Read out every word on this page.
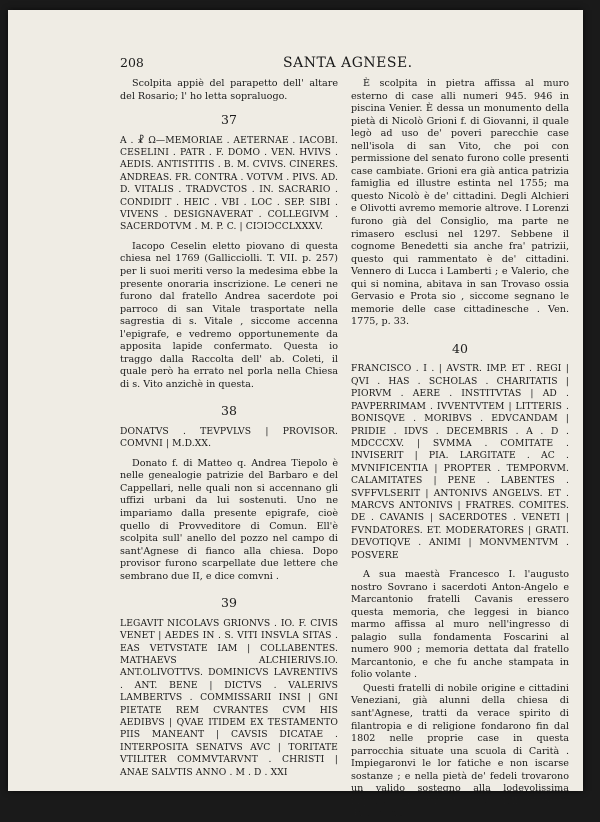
208	SANTA AGNESE.

Scolpita appiè del parapetto dell' altare del Rosario; l' ho letta sopraluogo.

37

A . ☧ Ω—MEMORIAE . AETERNAE . IACOBI. CESELINI . PATR . F. DOMO . VEN. HVIVS . AEDIS. ANTISTITIS . B. M. CVIVS. CINERES. ANDREAS. FR. CONTRA . VOTVM . PIVS. AD. D. VITALIS . TRADVCTOS . IN. SACRARIO . CONDIDIT . HEIC . VBI . LOC . SEP. SIBI . VIVENS . DESIGNAVERAT . COLLEGIVM . SACERDOTVM . M. P. C. | CIϽIϽCCLXXXV.

Iacopo Ceselin eletto piovano di questa chiesa nel 1769 (Gallicciolli. T. VII. p. 257) per li suoi meriti verso la medesima ebbe la presente onoraria inscrizione. Le ceneri ne furono dal fratello Andrea sacerdote poi parroco di san Vitale trasportate nella sagrestia di s. Vitale , siccome accenna l'epigrafe, e vedremo opportunemente da apposita lapide confermato. Questa io traggo dalla Raccolta dell' ab. Coleti, il quale però ha errato nel porla nella Chiesa di s. Vito anzichè in questa.

38

DONATVS . TEVPVLVS | PROVISOR. COMVNI | M.D.XX.

Donato f. di Matteo q. Andrea Tiepolo è nelle genealogie patrizie del Barbaro e del Cappellari, nelle quali non si accennano gli uffizi urbani da lui sostenuti. Uno ne impariamo dalla presente epigrafe, cioè quello di Provveditore di Comun. Ell'è scolpita sull' anello del pozzo nel campo di sant'Agnese di fianco alla chiesa. Dopo provisor furono scarpellate due lettere che sembrano due II, e dice comvni .

39

LEGAVIT NICOLAVS GRIONVS . IO. F. CIVIS VENET | AEDES IN . S. VITI INSVLA SITAS . EAS VETVSTATE IAM | COLLABENTES. MATHAEVS ALCHIERIVS.IO. ANT.OLIVOTTVS. DOMINICVS LAVRENTIVS . ANT. BENE | DICTVS . VALERIVS LAMBERTVS . COMMISSARII INSI | GNI PIETATE REM CVRANTES CVM HIS AEDIBVS | QVAE ITIDEM EX TESTAMENTO PIIS MANEANT | CAVSIS DICATAE . INTERPOSITA SENATVS AVC | TORITATE VTILITER COMMVTARVNT . CHRISTI | ANAE SALVTIS ANNO . M . D . XXI

È scolpita in pietra affissa al muro esterno di case alli numeri 945. 946 in piscina Venier. È dessa un monumento della pietà di Nicolò Grioni f. di Giovanni, il quale legò ad uso de' poveri parecchie case nell'isola di san Vito, che poi con permissione del senato furono colle presenti case cambiate. Grioni era già antica patrizia famiglia ed illustre estinta nel 1755; ma questo Nicolò è de' cittadini. Degli Alchieri e Olivotti avremo memorie altrove. I Lorenzi furono già del Consiglio, ma parte ne rimasero esclusi nel 1297. Sebbene il cognome Benedetti sia anche fra' patrizii, questo qui rammentato è de' cittadini. Vennero di Lucca i Lamberti ; e Valerio, che qui si nomina, abitava in san Trovaso ossia Gervasio e Prota sio , siccome segnano le memorie delle case cittadinesche . Ven. 1775, p. 33.

40

FRANCISCO . I . | AVSTR. IMP. ET . REGI | QVI . HAS . SCHOLAS . CHARITATIS | PIORVM . AERE . INSTITVTAS | AD . PAVPERRIMAM . IVVENTVTEM | LITTERIS . BONISQVE . MORIBVS . EDVCANDAM | PRIDIE . IDVS . DECEMBRIS . A . D . MDCCCXV. | SVMMA . COMITATE . INVISERIT | PIA. LARGITATE . AC . MVNIFICENTIA | PROPTER . TEMPORVM. CALAMITATES | PENE . LABENTES . SVFFVLSERIT | ANTONIVS ANGELVS. ET . MARCVS ANTONIVS | FRATRES. COMITES. DE . CAVANIS | SACERDOTES . VENETI | FVNDATORES. ET. MODERATORES | GRATI. DEVOTIQVE . ANIMI | MONVMENTVM . POSVERE

A sua maestà Francesco I. l'augusto nostro Sovrano i sacerdoti Anton-Angelo e Marcantonio fratelli Cavanis eressero questa memoria, che leggesi in bianco marmo affissa al muro nell'ingresso di palagio sulla fondamenta Foscarini al numero 900 ; memoria dettata dal fratello Marcantonio, e che fu anche stampata in folio volante .

Questi fratelli di nobile origine e cittadini Veneziani, già alunni della chiesa di sant'Agnese, tratti da verace spirito di filantropia e di religione fondarono fin dal 1802 nelle proprie case in questa parrocchia situate una scuola di Carità . Impiegaronvi le lor fatiche e non iscarse sostanze ; e nella pietà de' fedeli trovarono un valido sostegno alla lodevolissima impresa . Cresciuto il numero della gioventù da essi rac-
